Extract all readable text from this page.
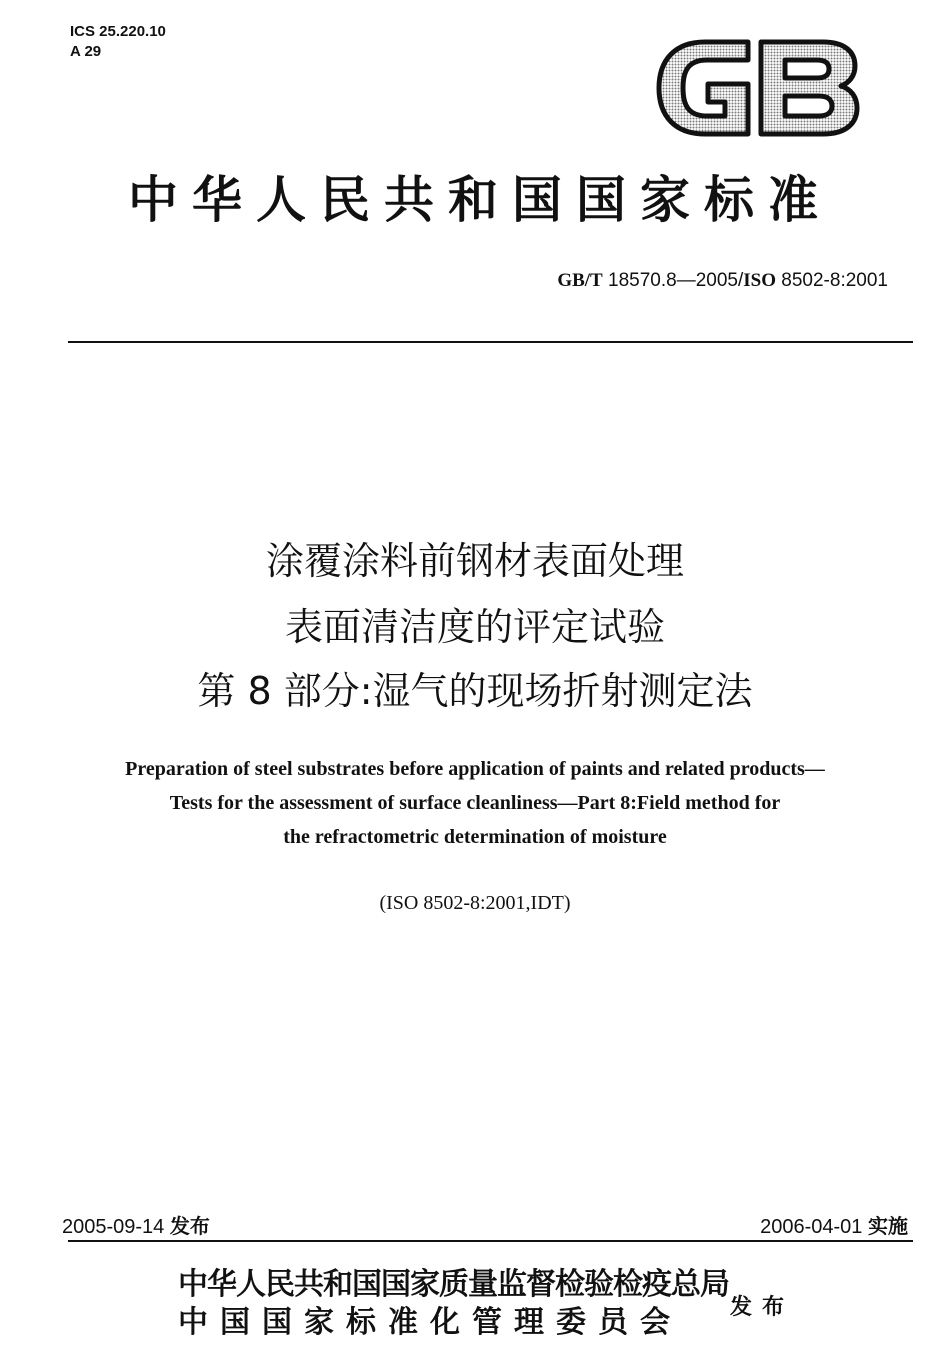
ICS 25.220.10
A 29
中华人民共和国国家标准
GB/T 18570.8—2005/ISO 8502-8:2001
涂覆涂料前钢材表面处理
表面清洁度的评定试验
第 8 部分:湿气的现场折射测定法
Preparation of steel substrates before application of paints and related products—
Tests for the assessment of surface cleanliness—Part 8:Field method for
the refractometric determination of moisture
(ISO 8502-8:2001,IDT)
2005-09-14 发布	2006-04-01 实施
中华人民共和国国家质量监督检验检疫总局
中国国家标准化管理委员会 发布
